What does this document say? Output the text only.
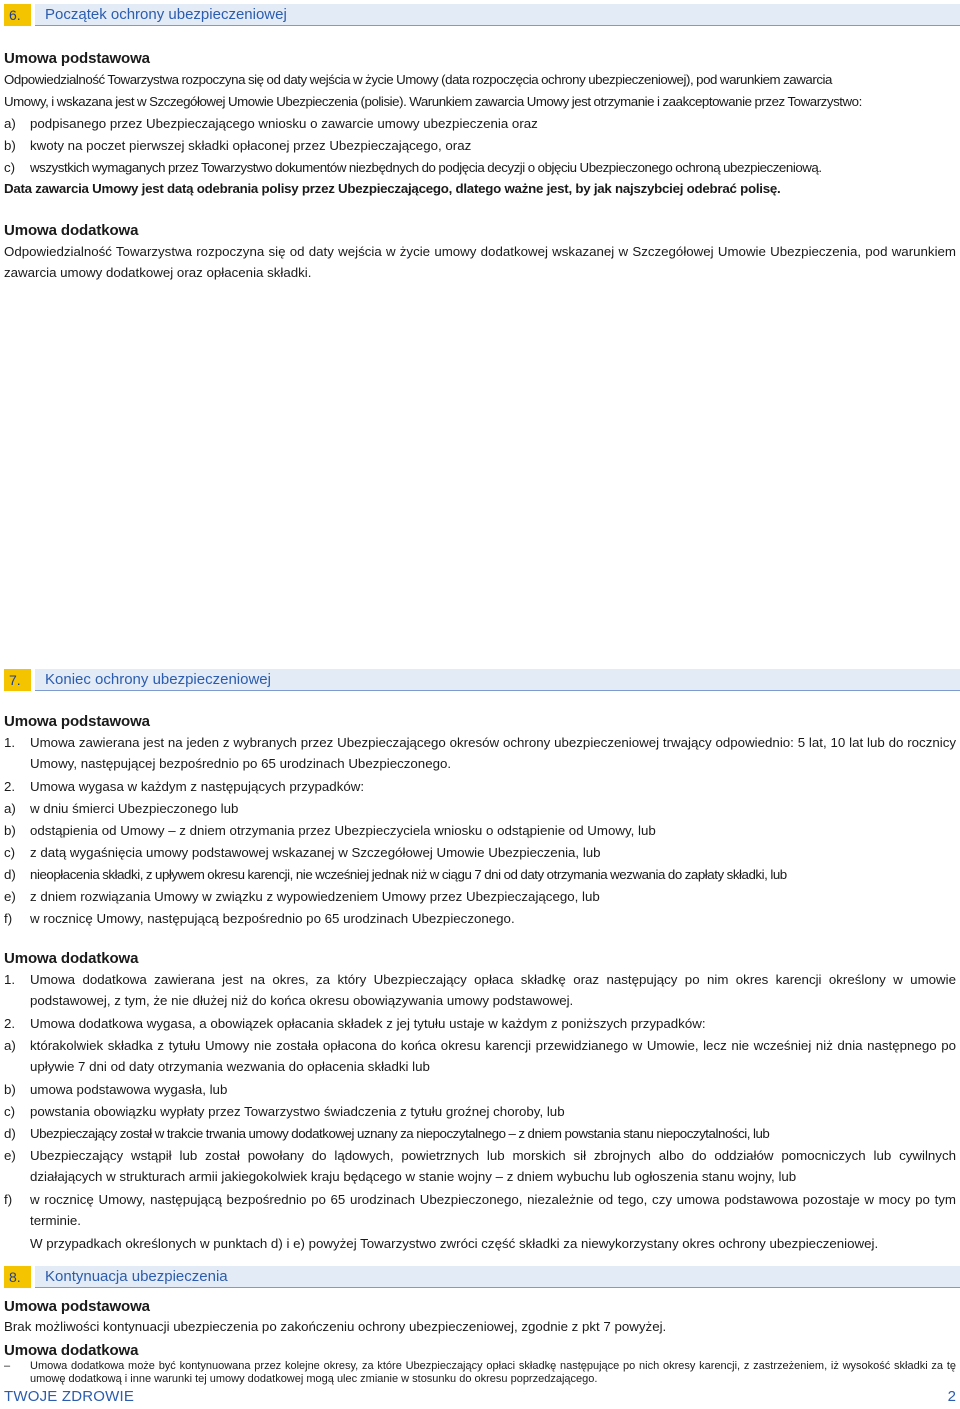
6.	Początek ochrony ubezpieczeniowej
Umowa podstawowa
Odpowiedzialność Towarzystwa rozpoczyna się od daty wejścia w życie Umowy (data rozpoczęcia ochrony ubezpieczeniowej), pod warunkiem zawarcia
Umowy, i wskazana jest w Szczegółowej Umowie Ubezpieczenia (polisie). Warunkiem zawarcia Umowy jest otrzymanie i zaakceptowanie przez Towarzystwo:
a) podpisanego przez Ubezpieczającego wniosku o zawarcie umowy ubezpieczenia oraz
b) kwoty na poczet pierwszej składki opłaconej przez Ubezpieczającego, oraz
c) wszystkich wymaganych przez Towarzystwo dokumentów niezbędnych do podjęcia decyzji o objęciu Ubezpieczonego ochroną ubezpieczeniową.
Data zawarcia Umowy jest datą odebrania polisy przez Ubezpieczającego, dlatego ważne jest, by jak najszybciej odebrać polisę.
Umowa dodatkowa
Odpowiedzialność Towarzystwa rozpoczyna się od daty wejścia w życie umowy dodatkowej wskazanej w Szczegółowej Umowie Ubezpieczenia, pod warunkiem zawarcia umowy dodatkowej oraz opłacenia składki.
7.	Koniec ochrony ubezpieczeniowej
Umowa podstawowa
1. Umowa zawierana jest na jeden z wybranych przez Ubezpieczającego okresów ochrony ubezpieczeniowej trwający odpowiednio: 5 lat, 10 lat lub do rocznicy Umowy, następującej bezpośrednio po 65 urodzinach Ubezpieczonego.
2. Umowa wygasa w każdym z następujących przypadków:
a) w dniu śmierci Ubezpieczonego lub
b) odstąpienia od Umowy – z dniem otrzymania przez Ubezpieczyciela wniosku o odstąpienie od Umowy, lub
c) z datą wygaśnięcia umowy podstawowej wskazanej w Szczegółowej Umowie Ubezpieczenia, lub
d) nieopłacenia składki, z upływem okresu karencji, nie wcześniej jednak niż w ciągu 7 dni od daty otrzymania wezwania do zapłaty składki, lub
e) z dniem rozwiązania Umowy w związku z wypowiedzeniem Umowy przez Ubezpieczającego, lub
f) w rocznicę Umowy, następującą bezpośrednio po 65 urodzinach Ubezpieczonego.
Umowa dodatkowa
1. Umowa dodatkowa zawierana jest na okres, za który Ubezpieczający opłaca składkę oraz następujący po nim okres karencji określony w umowie podstawowej, z tym, że nie dłużej niż do końca okresu obowiązywania umowy podstawowej.
2. Umowa dodatkowa wygasa, a obowiązek opłacania składek z jej tytułu ustaje w każdym z poniższych przypadków:
a) którakolwiek składka z tytułu Umowy nie została opłacona do końca okresu karencji przewidzianego w Umowie, lecz nie wcześniej niż dnia następnego po upływie 7 dni od daty otrzymania wezwania do opłacenia składki lub
b) umowa podstawowa wygasła, lub
c) powstania obowiązku wypłaty przez Towarzystwo świadczenia z tytułu groźnej choroby, lub
d) Ubezpieczający został w trakcie trwania umowy dodatkowej uznany za niepoczytalnego – z dniem powstania stanu niepoczytalności, lub
e) Ubezpieczający wstąpił lub został powołany do lądowych, powietrznych lub morskich sił zbrojnych albo do oddziałów pomocniczych lub cywilnych działających w strukturach armii jakiegokolwiek kraju będącego w stanie wojny – z dniem wybuchu lub ogłoszenia stanu wojny, lub
f) w rocznicę Umowy, następującą bezpośrednio po 65 urodzinach Ubezpieczonego, niezależnie od tego, czy umowa podstawowa pozostaje w mocy po tym terminie.
W przypadkach określonych w punktach d) i e) powyżej Towarzystwo zwróci część składki za niewykorzystany okres ochrony ubezpieczeniowej.
8.	Kontynuacja ubezpieczenia
Umowa podstawowa
Brak możliwości kontynuacji ubezpieczenia po zakończeniu ochrony ubezpieczeniowej, zgodnie z pkt 7 powyżej.
Umowa dodatkowa
– Umowa dodatkowa może być kontynuowana przez kolejne okresy, za które Ubezpieczający opłaci składkę następujące po nich okresy karencji, z zastrzeżeniem, iż wysokość składki za tę umowę dodatkową i inne warunki tej umowy dodatkowej mogą ulec zmianie w stosunku do okresu poprzedzającego.
TWOJE ZDROWIE	2
